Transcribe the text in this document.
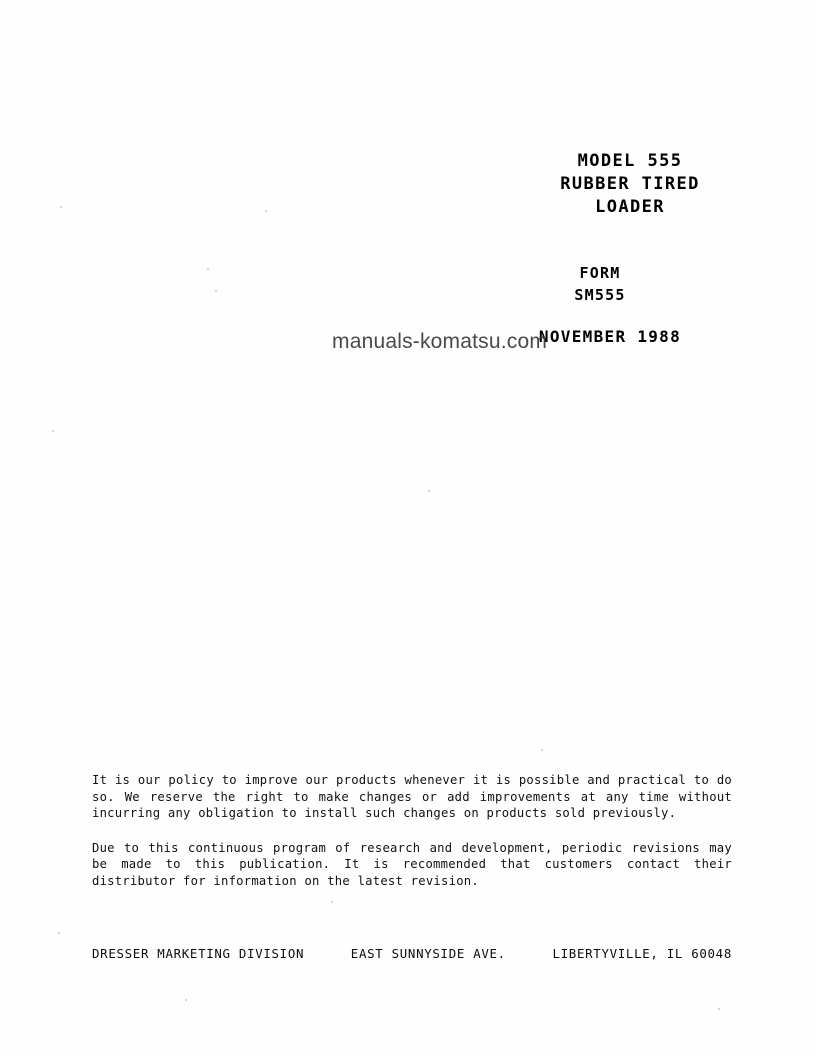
MODEL 555
RUBBER TIRED
LOADER
FORM
SM555
NOVEMBER 1988
manuals-komatsu.com

It is our policy to improve our products whenever it is possible and practical to do so. We reserve the right to make changes or add improvements at any time without incurring any obligation to install such changes on products sold previously.

Due to this continuous program of research and development, periodic revisions may be made to this publication. It is recommended that customers contact their distributor for information on the latest revision.

DRESSER MARKETING DIVISION	EAST SUNNYSIDE AVE.	LIBERTYVILLE, IL 60048
